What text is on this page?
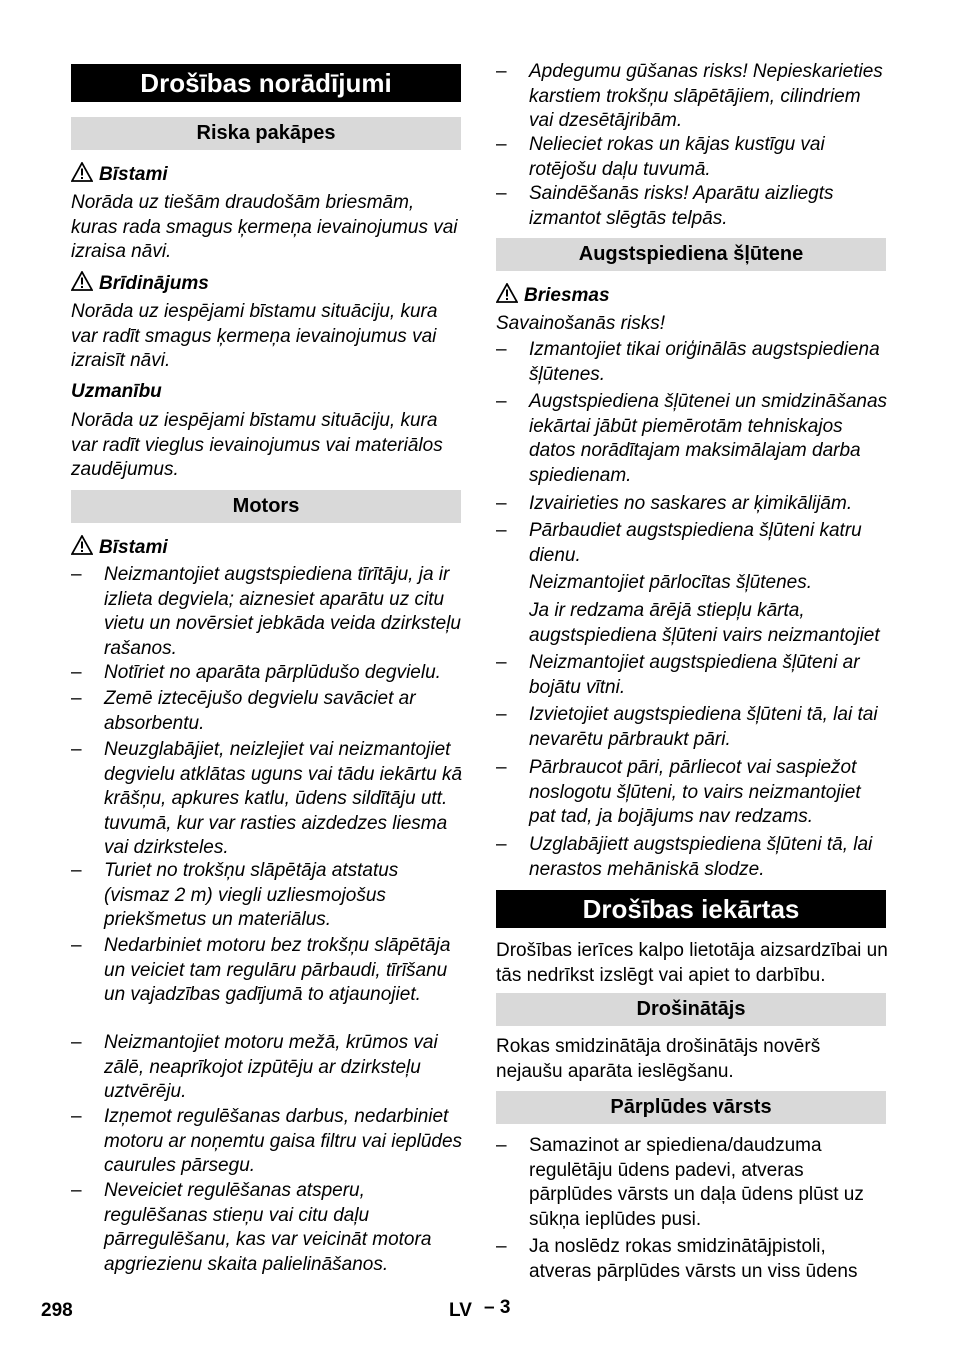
Drošības norādījumi
Riska pakāpes
Bīstami
Norāda uz tiešām draudošām briesmām, kuras rada smagus ķermeņa ievainojumus vai izraisa nāvi.
Brīdinājums
Norāda uz iespējami bīstamu situāciju, kura var radīt smagus ķermeņa ievainojumus vai izraisīt nāvi.
Uzmanību
Norāda uz iespējami bīstamu situāciju, kura var radīt vieglus ievainojumus vai materiālos zaudējumus.
Motors
Bīstami
– Neizmantojiet augstspiediena tīrītāju, ja ir izlieta degviela; aiznesiet aparātu uz citu vietu un novērsiet jebkāda veida dzirksteļu rašanos.
– Notīriet no aparāta pārplūdušo degvielu.
– Zemē iztecējušo degvielu savāciet ar absorbentu.
– Neuzglabājiet, neizlejiet vai neizmantojiet degvielu atklātas uguns vai tādu iekārtu kā krāšņu, apkures katlu, ūdens sildītāju utt. tuvumā, kur var rasties aizdedzes liesma vai dzirksteles.
– Turiet no trokšņu slāpētāja atstatus (vismaz 2 m) viegli uzliesmojošus priekšmetus un materiālus.
– Nedarbiniet motoru bez trokšņu slāpētāja un veiciet tam regulāru pārbaudi, tīrīšanu un vajadzības gadījumā to atjaunojiet.
– Neizmantojiet motoru mežā, krūmos vai zālē, neaprīkojot izpūtēju ar dzirksteļu uztvērēju.
– Izņemot regulēšanas darbus, nedarbiniet motoru ar noņemtu gaisa filtru vai ieplūdes caurules pārsegu.
– Neveiciet regulēšanas atsperu, regulēšanas stieņu vai citu daļu pārregulēšanu, kas var veicināt motora apgriezienu skaita palielināšanos.
– Apdegumu gūšanas risks! Nepieskarieties karstiem trokšņu slāpētājiem, cilindriem vai dzesētājribām.
– Nelieciet rokas un kājas kustīgu vai rotējošu daļu tuvumā.
– Saindēšanās risks! Aparātu aizliegts izmantot slēgtās telpās.
Augstspiediena šļūtene
Briesmas
Savainošanās risks!
– Izmantojiet tikai oriģinālās augstspiediena šļūtenes.
– Augstspiediena šļūtenei un smidzināšanas iekārtai jābūt piemērotām tehniskajos datos norādītajam maksimālajam darba spiedienam.
– Izvairieties no saskares ar ķimikālijām.
– Pārbaudiet augstspiediena šļūteni katru dienu.
Neizmantojiet pārlocītas šļūtenes.
Ja ir redzama ārējā stiepļu kārta, augstspiediena šļūteni vairs neizmantojiet
– Neizmantojiet augstspiediena šļūteni ar bojātu vītni.
– Izvietojiet augstspiediena šļūteni tā, lai tai nevarētu pārbraukt pāri.
– Pārbraucot pāri, pārliecot vai saspiežot noslogotu šļūteni, to vairs neizmantojiet pat tad, ja bojājums nav redzams.
– Uzglabājiett augstspiediena šļūteni tā, lai nerastos mehāniskā slodze.
Drošības iekārtas
Drošības ierīces kalpo lietotāja aizsardzībai un tās nedrīkst izslēgt vai apiet to darbību.
Drošinātājs
Rokas smidzinātāja drošinātājs novērš nejaušu aparāta ieslēgšanu.
Pārplūdes vārsts
– Samazinot ar spiediena/daudzuma regulētāju ūdens padevi, atveras pārplūdes vārsts un daļa ūdens plūst uz sūkņa ieplūdes pusi.
– Ja noslēdz rokas smidzinātājpistoli, atveras pārplūdes vārsts un viss ūdens
298	LV – 3
